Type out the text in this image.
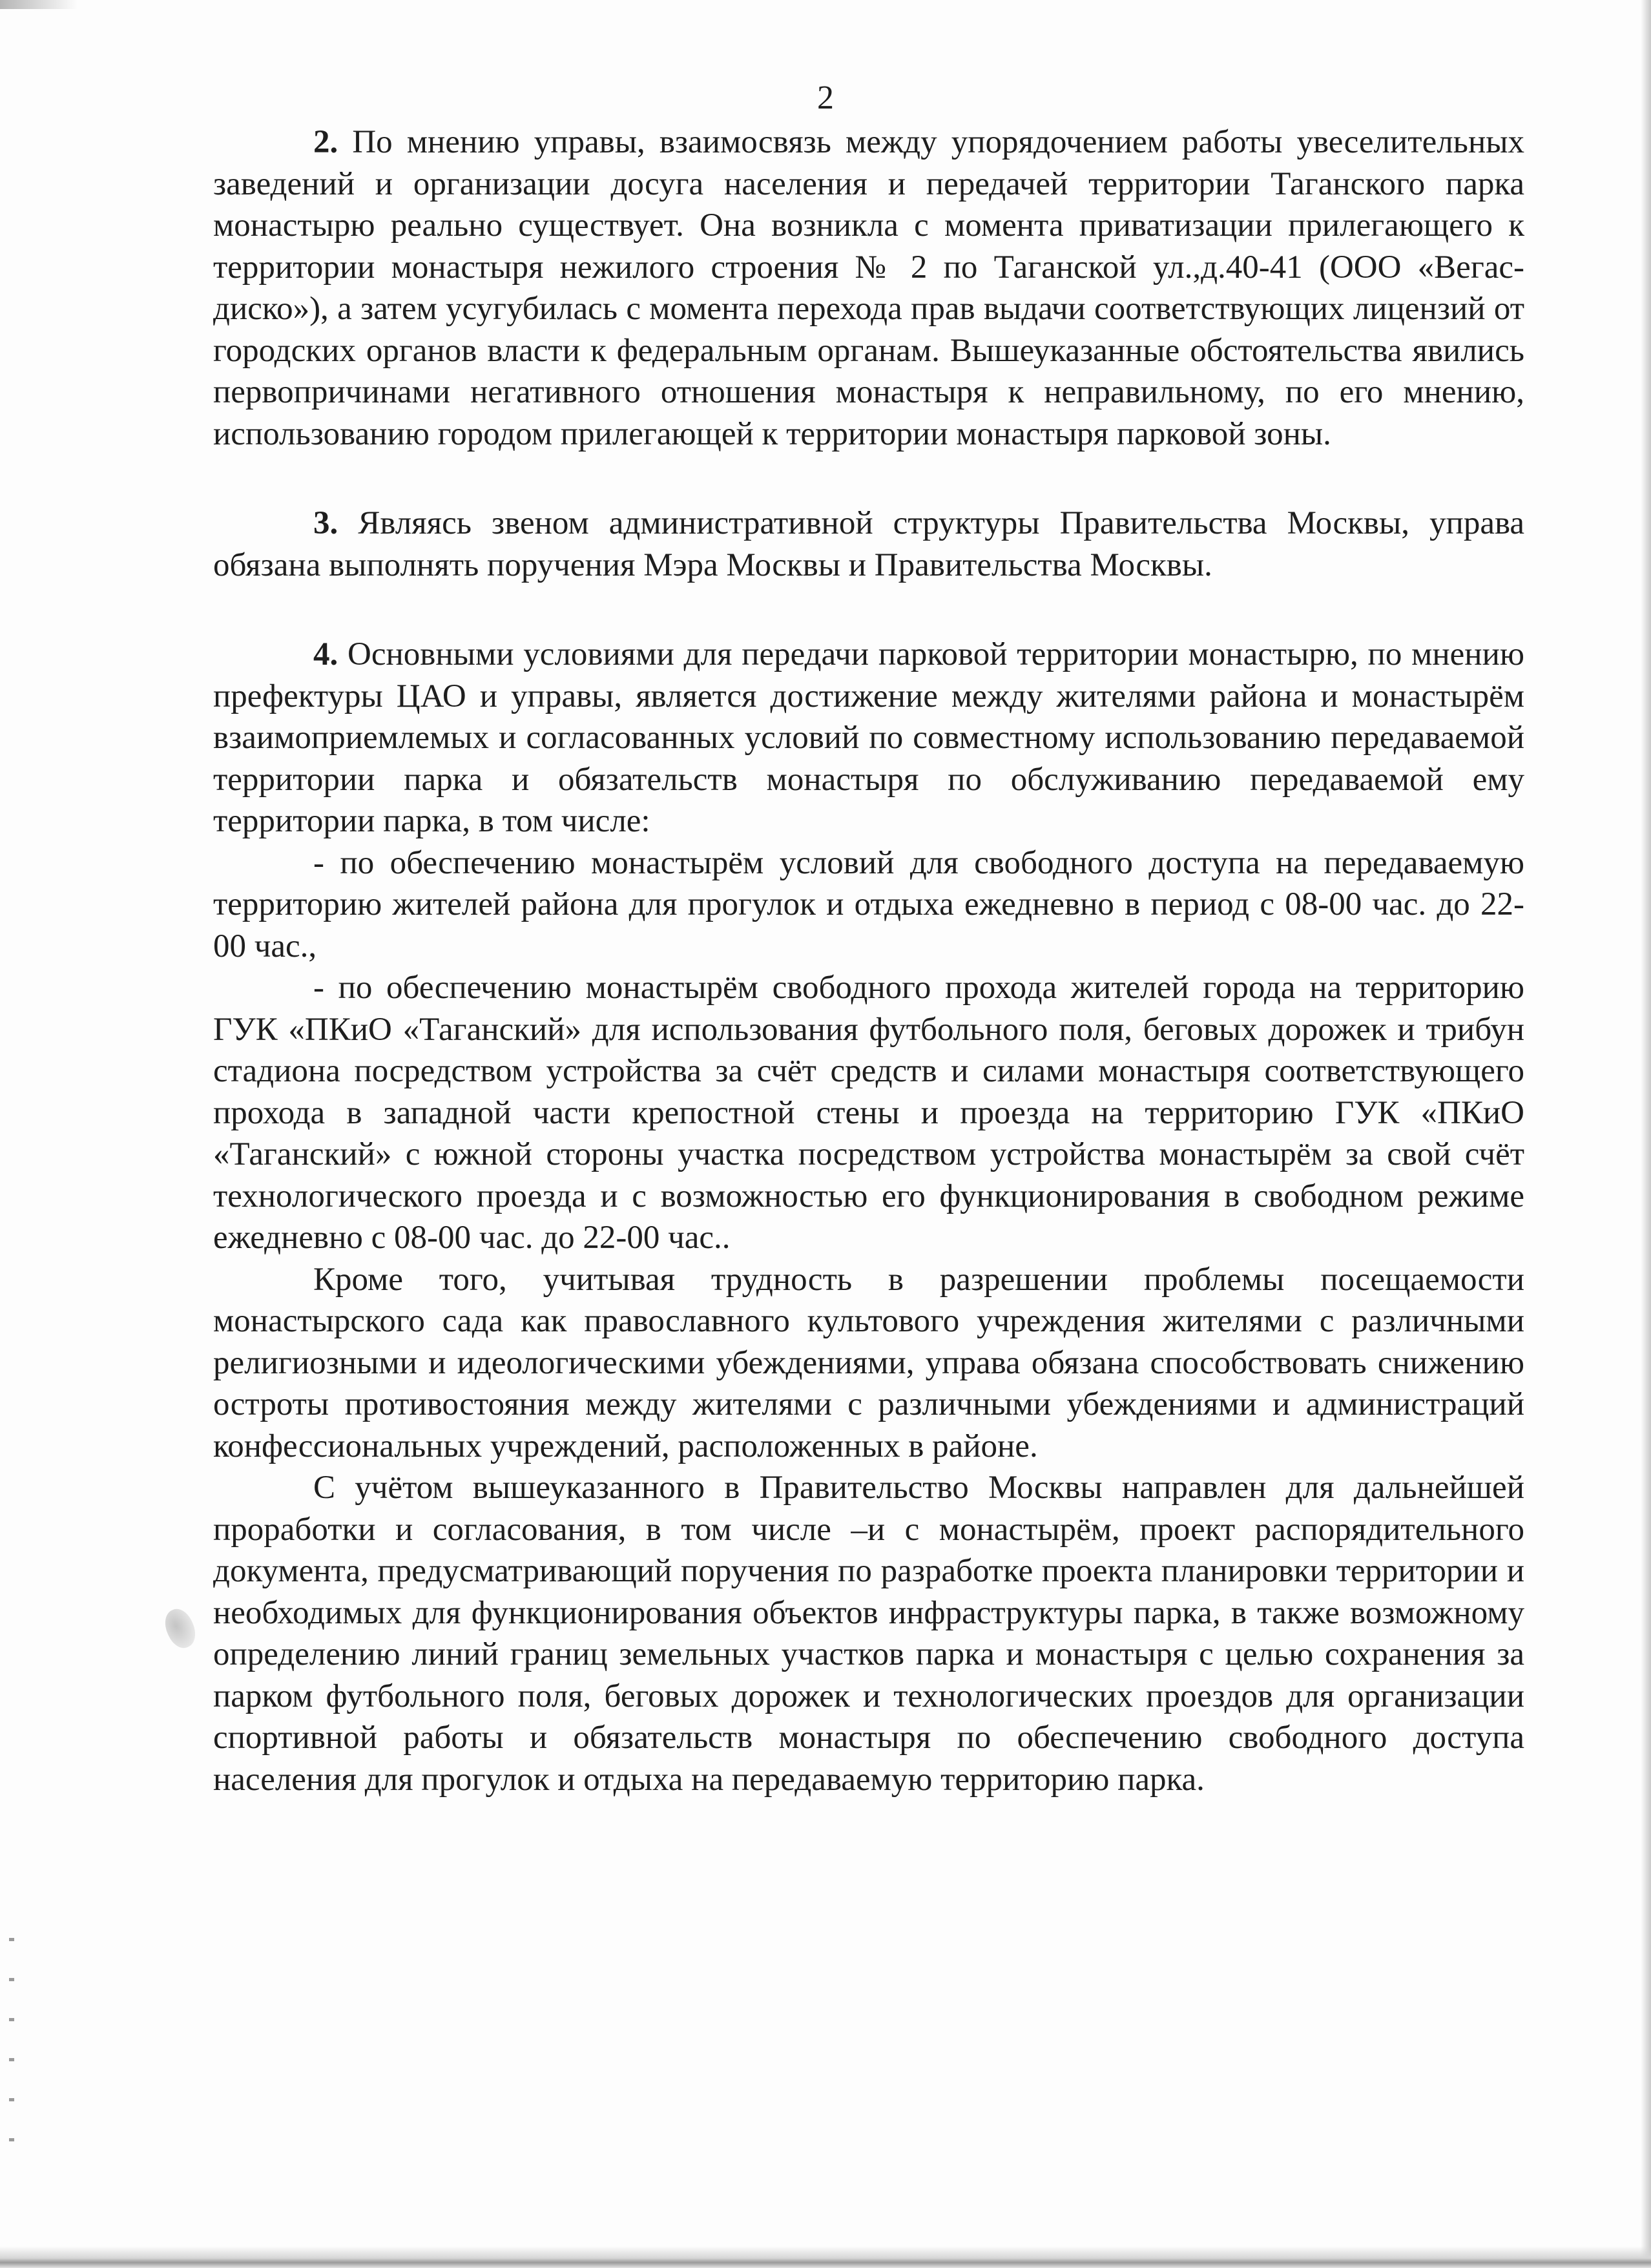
2

2. По мнению управы, взаимосвязь между упорядочением работы увеселительных заведений и организации досуга населения и передачей территории Таганского парка монастырю реально существует. Она возникла с момента приватизации прилегающего к территории монастыря нежилого строения № 2 по Таганской ул.,д.40-41 (ООО «Вегас-диско»), а затем усугубилась с момента перехода прав выдачи соответствующих лицензий от городских органов власти к федеральным органам. Вышеуказанные обстоятельства явились первопричинами негативного отношения монастыря к неправильному, по его мнению, использованию городом прилегающей к территории монастыря парковой зоны.

3. Являясь звеном административной структуры Правительства Москвы, управа обязана выполнять поручения Мэра Москвы и Правительства Москвы.

4. Основными условиями для передачи парковой территории монастырю, по мнению префектуры ЦАО и управы, является достижение между жителями района и монастырём взаимоприемлемых и согласованных условий по совместному использованию передаваемой территории парка и обязательств монастыря по обслуживанию передаваемой ему территории парка, в том числе:

- по обеспечению монастырём условий для свободного доступа на передаваемую территорию жителей района для прогулок и отдыха ежедневно в период с 08-00 час. до 22-00 час.,

- по обеспечению монастырём свободного прохода жителей города на территорию ГУК «ПКиО «Таганский» для использования футбольного поля, беговых дорожек и трибун стадиона посредством устройства за счёт средств и силами монастыря соответствующего прохода в западной части крепостной стены и проезда на территорию ГУК «ПКиО «Таганский» с южной стороны участка посредством устройства монастырём за свой счёт технологического проезда и с возможностью его функционирования в свободном режиме ежедневно с 08-00 час. до 22-00 час..

Кроме того, учитывая трудность в разрешении проблемы посещаемости монастырского сада как православного культового учреждения жителями с различными религиозными и идеологическими убеждениями, управа обязана способствовать снижению остроты противостояния между жителями с различными убеждениями и администраций конфессиональных учреждений, расположенных в районе.

С учётом вышеуказанного в Правительство Москвы направлен для дальнейшей проработки и согласования, в том числе –и с монастырём, проект распорядительного документа, предусматривающий поручения по разработке проекта планировки территории и необходимых для функционирования объектов инфраструктуры парка, в также возможному определению линий границ земельных участков парка и монастыря с целью сохранения за парком футбольного поля, беговых дорожек и технологических проездов для организации спортивной работы и обязательств монастыря по обеспечению свободного доступа населения для прогулок и отдыха на передаваемую территорию парка.
